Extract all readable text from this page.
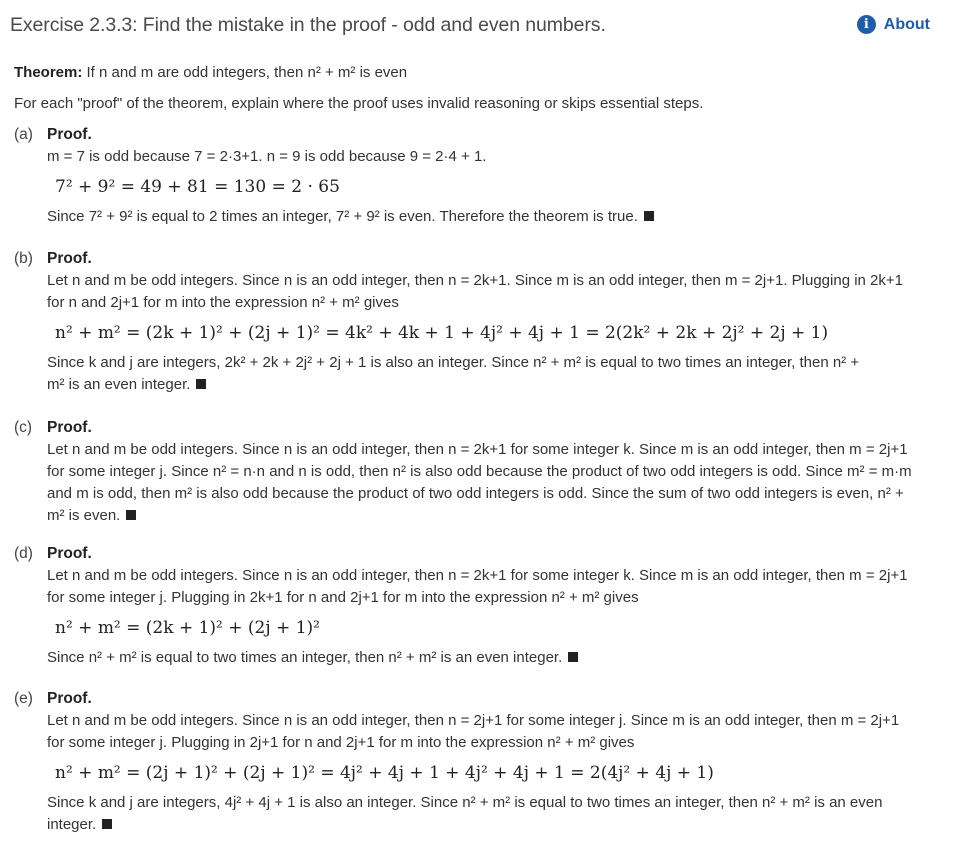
Exercise 2.3.3: Find the mistake in the proof - odd and even numbers.	i About

Theorem: If n and m are odd integers, then n² + m² is even

For each "proof" of the theorem, explain where the proof uses invalid reasoning or skips essential steps.

(a) Proof.

m = 7 is odd because 7 = 2·3+1. n = 9 is odd because 9 = 2·4 + 1.

7² + 9² = 49 + 81 = 130 = 2 · 65

Since 7² + 9² is equal to 2 times an integer, 7² + 9² is even. Therefore the theorem is true.

(b) Proof.

Let n and m be odd integers. Since n is an odd integer, then n = 2k+1. Since m is an odd integer, then m = 2j+1. Plugging in 2k+1

for n and 2j+1 for m into the expression n² + m² gives

n² + m² = (2k + 1)² + (2j + 1)² = 4k² + 4k + 1 + 4j² + 4j + 1 = 2(2k² + 2k + 2j² + 2j + 1)

Since k and j are integers, 2k² + 2k + 2j² + 2j + 1 is also an integer. Since n² + m² is equal to two times an integer, then n² +

m² is an even integer.

(c) Proof.

Let n and m be odd integers. Since n is an odd integer, then n = 2k+1 for some integer k. Since m is an odd integer, then m = 2j+1

for some integer j. Since n² = n·n and n is odd, then n² is also odd because the product of two odd integers is odd. Since m² = m·m

and m is odd, then m² is also odd because the product of two odd integers is odd. Since the sum of two odd integers is even, n² +

m² is even.

(d) Proof.

Let n and m be odd integers. Since n is an odd integer, then n = 2k+1 for some integer k. Since m is an odd integer, then m = 2j+1

for some integer j. Plugging in 2k+1 for n and 2j+1 for m into the expression n² + m² gives

n² + m² = (2k + 1)² + (2j + 1)²

Since n² + m² is equal to two times an integer, then n² + m² is an even integer.

(e) Proof.

Let n and m be odd integers. Since n is an odd integer, then n = 2j+1 for some integer j. Since m is an odd integer, then m = 2j+1

for some integer j. Plugging in 2j+1 for n and 2j+1 for m into the expression n² + m² gives

n² + m² = (2j + 1)² + (2j + 1)² = 4j² + 4j + 1 + 4j² + 4j + 1 = 2(4j² + 4j + 1)

Since k and j are integers, 4j² + 4j + 1 is also an integer. Since n² + m² is equal to two times an integer, then n² + m² is an even

integer.
